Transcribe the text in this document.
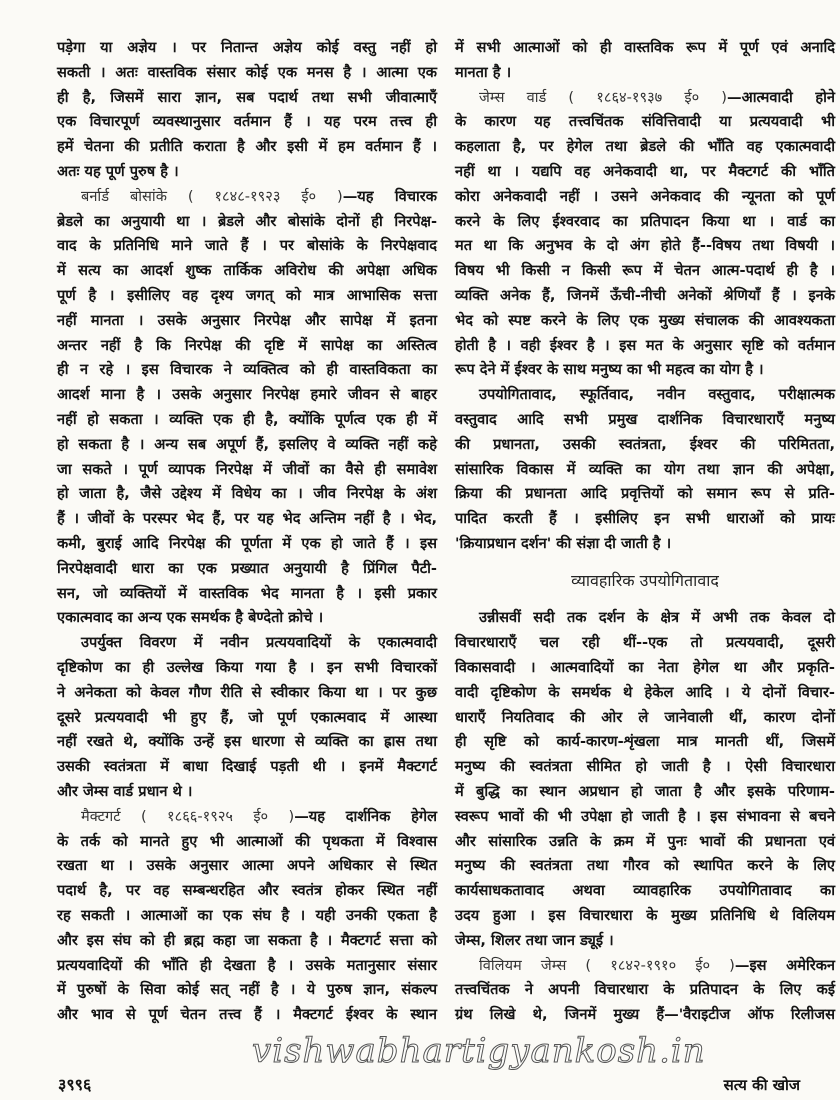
पड़ेगा या अज्ञेय । पर नितान्त अज्ञेय कोई वस्तु नहीं हो
सकती । अतः वास्तविक संसार कोई एक मनस है । आत्मा एक
ही है, जिसमें सारा ज्ञान, सब पदार्थ तथा सभी जीवात्माएँ
एक विचारपूर्ण व्यवस्थानुसार वर्तमान हैं । यह परम तत्त्व ही
हमें चेतना की प्रतीति कराता है और इसी में हम वर्तमान हैं ।
अतः यह पूर्ण पुरुष है ।
बर्नार्ड बोसांके ( १८४८-१९२३ ई० )—यह विचारक
ब्रेडले का अनुयायी था । ब्रेडले और बोसांके दोनों ही निरपेक्ष-
वाद के प्रतिनिधि माने जाते हैं । पर बोसांके के निरपेक्षवाद
में सत्य का आदर्श शुष्क तार्किक अविरोध की अपेक्षा अधिक
पूर्ण है । इसीलिए वह दृश्य जगत् को मात्र आभासिक सत्ता
नहीं मानता । उसके अनुसार निरपेक्ष और सापेक्ष में इतना
अन्तर नहीं है कि निरपेक्ष की दृष्टि में सापेक्ष का अस्तित्व
ही न रहे । इस विचारक ने व्यक्तित्व को ही वास्तविकता का
आदर्श माना है । उसके अनुसार निरपेक्ष हमारे जीवन से बाहर
नहीं हो सकता । व्यक्ति एक ही है, क्योंकि पूर्णत्व एक ही में
हो सकता है । अन्य सब अपूर्ण हैं, इसलिए वे व्यक्ति नहीं कहे
जा सकते । पूर्ण व्यापक निरपेक्ष में जीवों का वैसे ही समावेश
हो जाता है, जैसे उद्देश्य में विधेय का । जीव निरपेक्ष के अंश
हैं । जीवों के परस्पर भेद हैं, पर यह भेद अन्तिम नहीं है । भेद,
कमी, बुराई आदि निरपेक्ष की पूर्णता में एक हो जाते हैं । इस
निरपेक्षवादी धारा का एक प्रख्यात अनुयायी है प्रिंगिल पैटी-
सन, जो व्यक्तियों में वास्तविक भेद मानता है । इसी प्रकार
एकात्मवाद का अन्य एक समर्थक है बेण्देतो क्रोचे ।
उपर्युक्त विवरण में नवीन प्रत्ययवादियों के एकात्मवादी
दृष्टिकोण का ही उल्लेख किया गया है । इन सभी विचारकों
ने अनेकता को केवल गौण रीति से स्वीकार किया था । पर कुछ
दूसरे प्रत्ययवादी भी हुए हैं, जो पूर्ण एकात्मवाद में आस्था
नहीं रखते थे, क्योंकि उन्हें इस धारणा से व्यक्ति का ह्रास तथा
उसकी स्वतंत्रता में बाधा दिखाई पड़ती थी । इनमें मैक्टगर्ट
और जेम्स वार्ड प्रधान थे ।
मैक्टगर्ट ( १८६६-१९२५ ई० )—यह दार्शनिक हेगेल
के तर्क को मानते हुए भी आत्माओं की पृथकता में विश्वास
रखता था । उसके अनुसार आत्मा अपने अधिकार से स्थित
पदार्थ है, पर वह सम्बन्धरहित और स्वतंत्र होकर स्थित नहीं
रह सकती । आत्माओं का एक संघ है । यही उनकी एकता है
और इस संघ को ही ब्रह्म कहा जा सकता है । मैक्टगर्ट सत्ता को
प्रत्ययवादियों की भाँति ही देखता है । उसके मतानुसार संसार
में पुरुषों के सिवा कोई सत् नहीं है । ये पुरुष ज्ञान, संकल्प
और भाव से पूर्ण चेतन तत्त्व हैं । मैक्टगर्ट ईश्वर के स्थान
में सभी आत्माओं को ही वास्तविक रूप में पूर्ण एवं अनादि
मानता है ।
जेम्स वार्ड ( १८६४-१९३७ ई० )—आत्मवादी होने
के कारण यह तत्त्वचिंतक संवित्तिवादी या प्रत्ययवादी भी
कहलाता है, पर हेगेल तथा ब्रेडले की भाँति वह एकात्मवादी
नहीं था । यद्यपि वह अनेकवादी था, पर मैक्टगर्ट की भाँति
कोरा अनेकवादी नहीं । उसने अनेकवाद की न्यूनता को पूर्ण
करने के लिए ईश्वरवाद का प्रतिपादन किया था । वार्ड का
मत था कि अनुभव के दो अंग होते हैं--विषय तथा विषयी ।
विषय भी किसी न किसी रूप में चेतन आत्म-पदार्थ ही है ।
व्यक्ति अनेक हैं, जिनमें ऊँची-नीची अनेकों श्रेणियाँ हैं । इनके
भेद को स्पष्ट करने के लिए एक मुख्य संचालक की आवश्यकता
होती है । वही ईश्वर है । इस मत के अनुसार सृष्टि को वर्तमान
रूप देने में ईश्वर के साथ मनुष्य का भी महत्व का योग है ।
उपयोगितावाद, स्फूर्तिवाद, नवीन वस्तुवाद, परीक्षात्मक
वस्तुवाद आदि सभी प्रमुख दार्शनिक विचारधाराएँ मनुष्य
की प्रधानता, उसकी स्वतंत्रता, ईश्वर की परिमितता,
सांसारिक विकास में व्यक्ति का योग तथा ज्ञान की अपेक्षा,
क्रिया की प्रधानता आदि प्रवृत्तियों को समान रूप से प्रति-
पादित करती हैं । इसीलिए इन सभी धाराओं को प्रायः
'क्रियाप्रधान दर्शन' की संज्ञा दी जाती है ।
व्यावहारिक उपयोगितावाद
उन्नीसवीं सदी तक दर्शन के क्षेत्र में अभी तक केवल दो
विचारधाराएँ चल रही थीं--एक तो प्रत्ययवादी, दूसरी
विकासवादी । आत्मवादियों का नेता हेगेल था और प्रकृति-
वादी दृष्टिकोण के समर्थक थे हेकेल आदि । ये दोनों विचार-
धाराएँ नियतिवाद की ओर ले जानेवाली थीं, कारण दोनों
ही सृष्टि को कार्य-कारण-शृंखला मात्र मानती थीं, जिसमें
मनुष्य की स्वतंत्रता सीमित हो जाती है । ऐसी विचारधारा
में बुद्धि का स्थान अप्रधान हो जाता है और इसके परिणाम-
स्वरूप भावों की भी उपेक्षा हो जाती है । इस संभावना से बचने
और सांसारिक उन्नति के क्रम में पुनः भावों की प्रधानता एवं
मनुष्य की स्वतंत्रता तथा गौरव को स्थापित करने के लिए
कार्यसाधकतावाद अथवा व्यावहारिक उपयोगितावाद का
उदय हुआ । इस विचारधारा के मुख्य प्रतिनिधि थे विलियम
जेम्स, शिलर तथा जान ड्यूई ।
विलियम जेम्स ( १८४२-१९१० ई० )—इस अमेरिकन
तत्त्वचिंतक ने अपनी विचारधारा के प्रतिपादन के लिए कई
ग्रंथ लिखे थे, जिनमें मुख्य हैं—'वैराइटीज ऑफ रिलीजस
vishwabhartigyankosh.in
३९९६	सत्य की खोज
